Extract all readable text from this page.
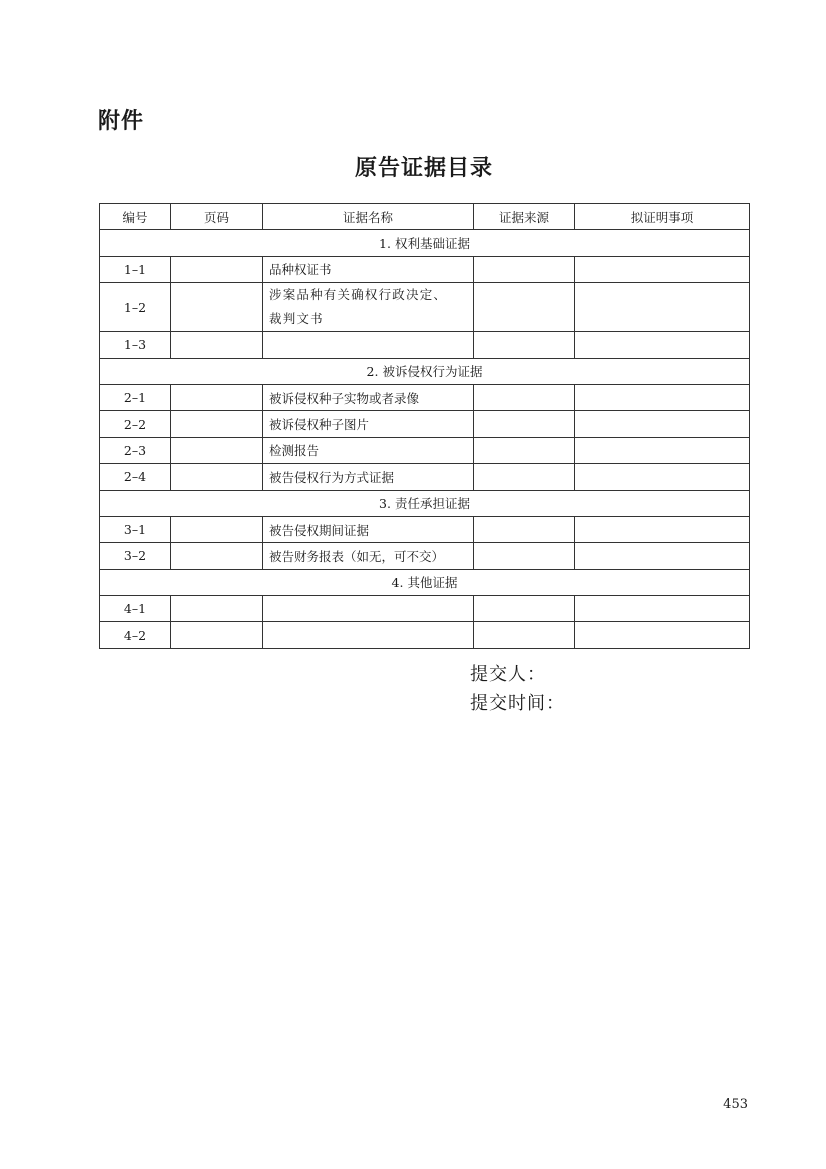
附件
原告证据目录
编号	页码	证据名称	证据来源	拟证明事项
1. 权利基础证据				
1–1		品种权证书		
1–2		涉案品种有关确权行政决定、
裁判文书		
1–3				
2. 被诉侵权行为证据				
2–1		被诉侵权种子实物或者录像		
2–2		被诉侵权种子图片		
2–3		检测报告		
2–4		被告侵权行为方式证据		
3. 责任承担证据				
3–1		被告侵权期间证据		
3–2		被告财务报表（如无，可不交）		
4. 其他证据				
4–1				
4–2				
提交人：
提交时间：
453
